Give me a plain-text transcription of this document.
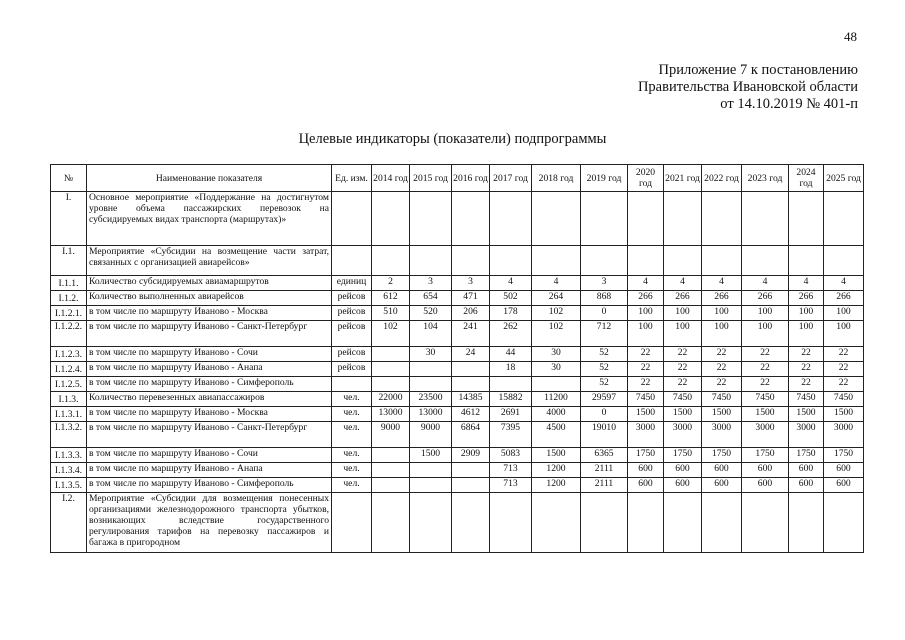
48
Приложение 7 к постановлению
Правительства Ивановской области
от 14.10.2019 № 401-п
Целевые индикаторы (показатели) подпрограммы
№	Наименование показателя	Ед. изм.	2014 год	2015 год	2016 год	2017 год	2018 год	2019 год	2020 год	2021 год	2022 год	2023 год	2024 год	2025 год
I.	Основное мероприятие «Поддержание на достигнутом уровне объема пассажирских перевозок на субсидируемых видах транспорта (маршрутах)»													
I.1.	Мероприятие «Субсидии на возмещение части затрат, связанных с организацией авиарейсов»													
I.1.1.	Количество субсидируемых авиамаршрутов	единиц	2	3	3	4	4	3	4	4	4	4	4	4
I.1.2.	Количество выполненных авиарейсов	рейсов	612	654	471	502	264	868	266	266	266	266	266	266
I.1.2.1.	в том числе по маршруту Иваново - Москва	рейсов	510	520	206	178	102	0	100	100	100	100	100	100
I.1.2.2.	в том числе по маршруту Иваново - Санкт-Петербург	рейсов	102	104	241	262	102	712	100	100	100	100	100	100
I.1.2.3.	в том числе по маршруту Иваново - Сочи	рейсов		30	24	44	30	52	22	22	22	22	22	22
I.1.2.4.	в том числе по маршруту Иваново - Анапа	рейсов				18	30	52	22	22	22	22	22	22
I.1.2.5.	в том числе по маршруту Иваново - Симферополь							52	22	22	22	22	22	22
I.1.3.	Количество перевезенных авиапассажиров	чел.	22000	23500	14385	15882	11200	29597	7450	7450	7450	7450	7450	7450
I.1.3.1.	в том числе по маршруту Иваново - Москва	чел.	13000	13000	4612	2691	4000	0	1500	1500	1500	1500	1500	1500
I.1.3.2.	в том числе по маршруту Иваново - Санкт-Петербург	чел.	9000	9000	6864	7395	4500	19010	3000	3000	3000	3000	3000	3000
I.1.3.3.	в том числе по маршруту Иваново - Сочи	чел.		1500	2909	5083	1500	6365	1750	1750	1750	1750	1750	1750
I.1.3.4.	в том числе по маршруту Иваново - Анапа	чел.				713	1200	2111	600	600	600	600	600	600
I.1.3.5.	в том числе по маршруту Иваново - Симферополь	чел.				713	1200	2111	600	600	600	600	600	600
I.2.	Мероприятие «Субсидии для возмещения понесенных организациями железнодорожного транспорта убытков, возникающих вследствие государственного регулирования тарифов на перевозку пассажиров и багажа в пригородном													
